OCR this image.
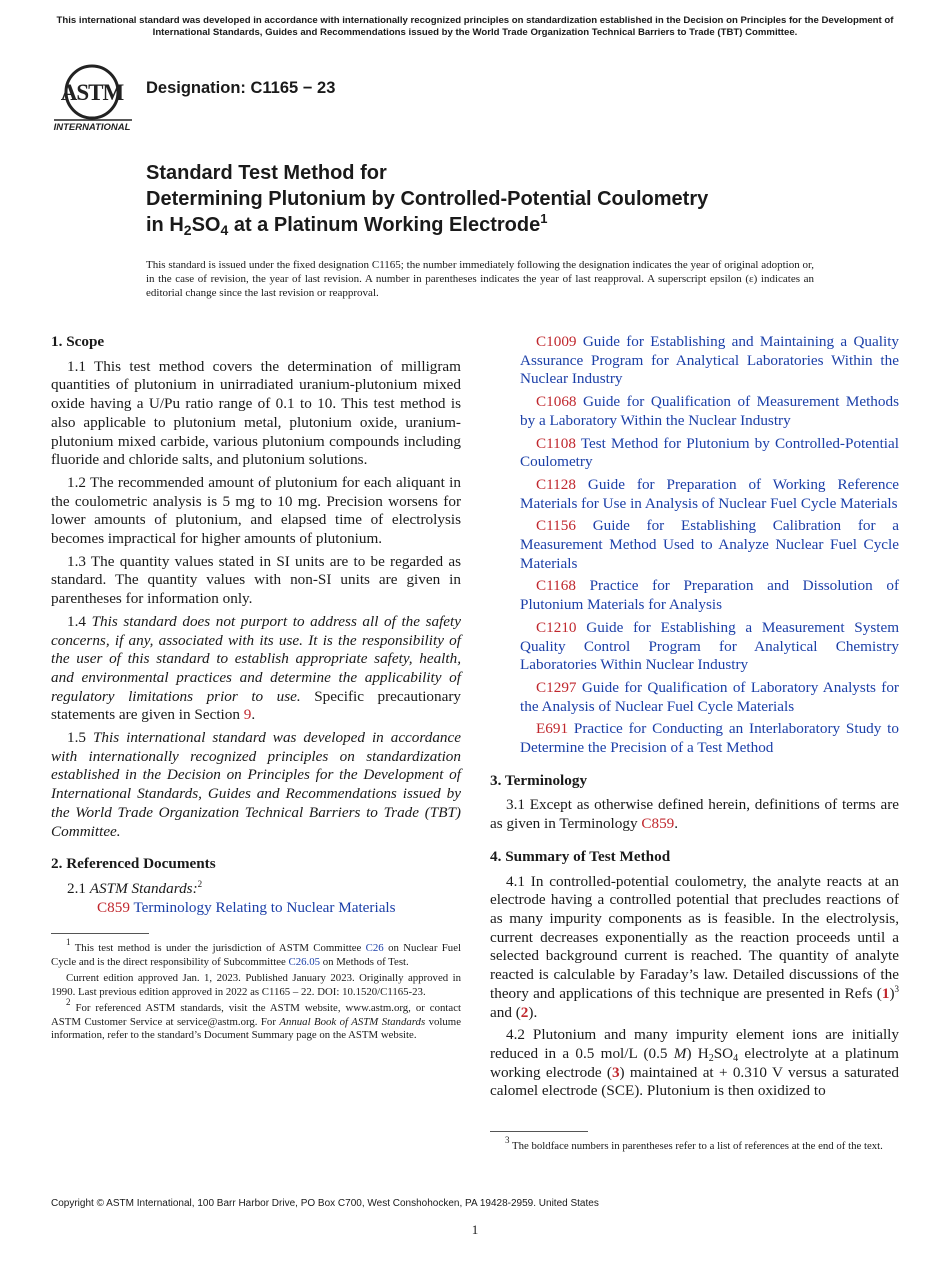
This international standard was developed in accordance with internationally recognized principles on standardization established in the Decision on Principles for the Development of International Standards, Guides and Recommendations issued by the World Trade Organization Technical Barriers to Trade (TBT) Committee.
ASTM
INTERNATIONAL
Designation: C1165 − 23
Standard Test Method for
Determining Plutonium by Controlled-Potential Coulometry
in $H_2SO_4$ at a Platinum Working Electrode$^1$
This standard is issued under the fixed designation C1165; the number immediately following the designation indicates the year of original adoption or, in the case of revision, the year of last revision. A number in parentheses indicates the year of last reapproval. A superscript epsilon (ε) indicates an editorial change since the last revision or reapproval.
1. Scope

1.1 This test method covers the determination of milligram quantities of plutonium in unirradiated uranium-plutonium mixed oxide having a U/Pu ratio range of 0.1 to 10. This test method is also applicable to plutonium metal, plutonium oxide, uranium-plutonium mixed carbide, various plutonium compounds including fluoride and chloride salts, and plutonium solutions.

1.2 The recommended amount of plutonium for each aliquant in the coulometric analysis is 5 mg to 10 mg. Precision worsens for lower amounts of plutonium, and elapsed time of electrolysis becomes impractical for higher amounts of plutonium.

1.3 The quantity values stated in SI units are to be regarded as standard. The quantity values with non-SI units are given in parentheses for information only.

1.4 This standard does not purport to address all of the safety concerns, if any, associated with its use. It is the responsibility of the user of this standard to establish appropriate safety, health, and environmental practices and determine the applicability of regulatory limitations prior to use. Specific precautionary statements are given in Section 9.

1.5 This international standard was developed in accordance with internationally recognized principles on standardization established in the Decision on Principles for the Development of International Standards, Guides and Recommendations issued by the World Trade Organization Technical Barriers to Trade (TBT) Committee.

2. Referenced Documents

2.1 ASTM Standards:$^2$

C859 Terminology Relating to Nuclear Materials

$^1$ This test method is under the jurisdiction of ASTM Committee C26 on Nuclear Fuel Cycle and is the direct responsibility of Subcommittee C26.05 on Methods of Test.

Current edition approved Jan. 1, 2023. Published January 2023. Originally approved in 1990. Last previous edition approved in 2022 as C1165 – 22. DOI: 10.1520/C1165-23.

$^2$ For referenced ASTM standards, visit the ASTM website, www.astm.org, or contact ASTM Customer Service at service@astm.org. For Annual Book of ASTM Standards volume information, refer to the standard’s Document Summary page on the ASTM website.

C1009 Guide for Establishing and Maintaining a Quality Assurance Program for Analytical Laboratories Within the Nuclear Industry

C1068 Guide for Qualification of Measurement Methods by a Laboratory Within the Nuclear Industry

C1108 Test Method for Plutonium by Controlled-Potential Coulometry

C1128 Guide for Preparation of Working Reference Materials for Use in Analysis of Nuclear Fuel Cycle Materials

C1156 Guide for Establishing Calibration for a Measurement Method Used to Analyze Nuclear Fuel Cycle Materials

C1168 Practice for Preparation and Dissolution of Plutonium Materials for Analysis

C1210 Guide for Establishing a Measurement System Quality Control Program for Analytical Chemistry Laboratories Within Nuclear Industry

C1297 Guide for Qualification of Laboratory Analysts for the Analysis of Nuclear Fuel Cycle Materials

E691 Practice for Conducting an Interlaboratory Study to Determine the Precision of a Test Method

3. Terminology

3.1 Except as otherwise defined herein, definitions of terms are as given in Terminology C859.

4. Summary of Test Method

4.1 In controlled-potential coulometry, the analyte reacts at an electrode having a controlled potential that precludes reactions of as many impurity components as is feasible. In the electrolysis, current decreases exponentially as the reaction proceeds until a selected background current is reached. The quantity of analyte reacted is calculable by Faraday’s law. Detailed discussions of the theory and applications of this technique are presented in Refs $(1)^3$ and (2).

4.2 Plutonium and many impurity element ions are initially reduced in a 0.5 mol/L (0.5 M) $H_2SO_4$ electrolyte at a platinum working electrode (3) maintained at + 0.310 V versus a saturated calomel electrode (SCE). Plutonium is then oxidized to

$^3$ The boldface numbers in parentheses refer to a list of references at the end of the text.

Copyright © ASTM International, 100 Barr Harbor Drive, PO Box C700, West Conshohocken, PA 19428-2959. United States
1
